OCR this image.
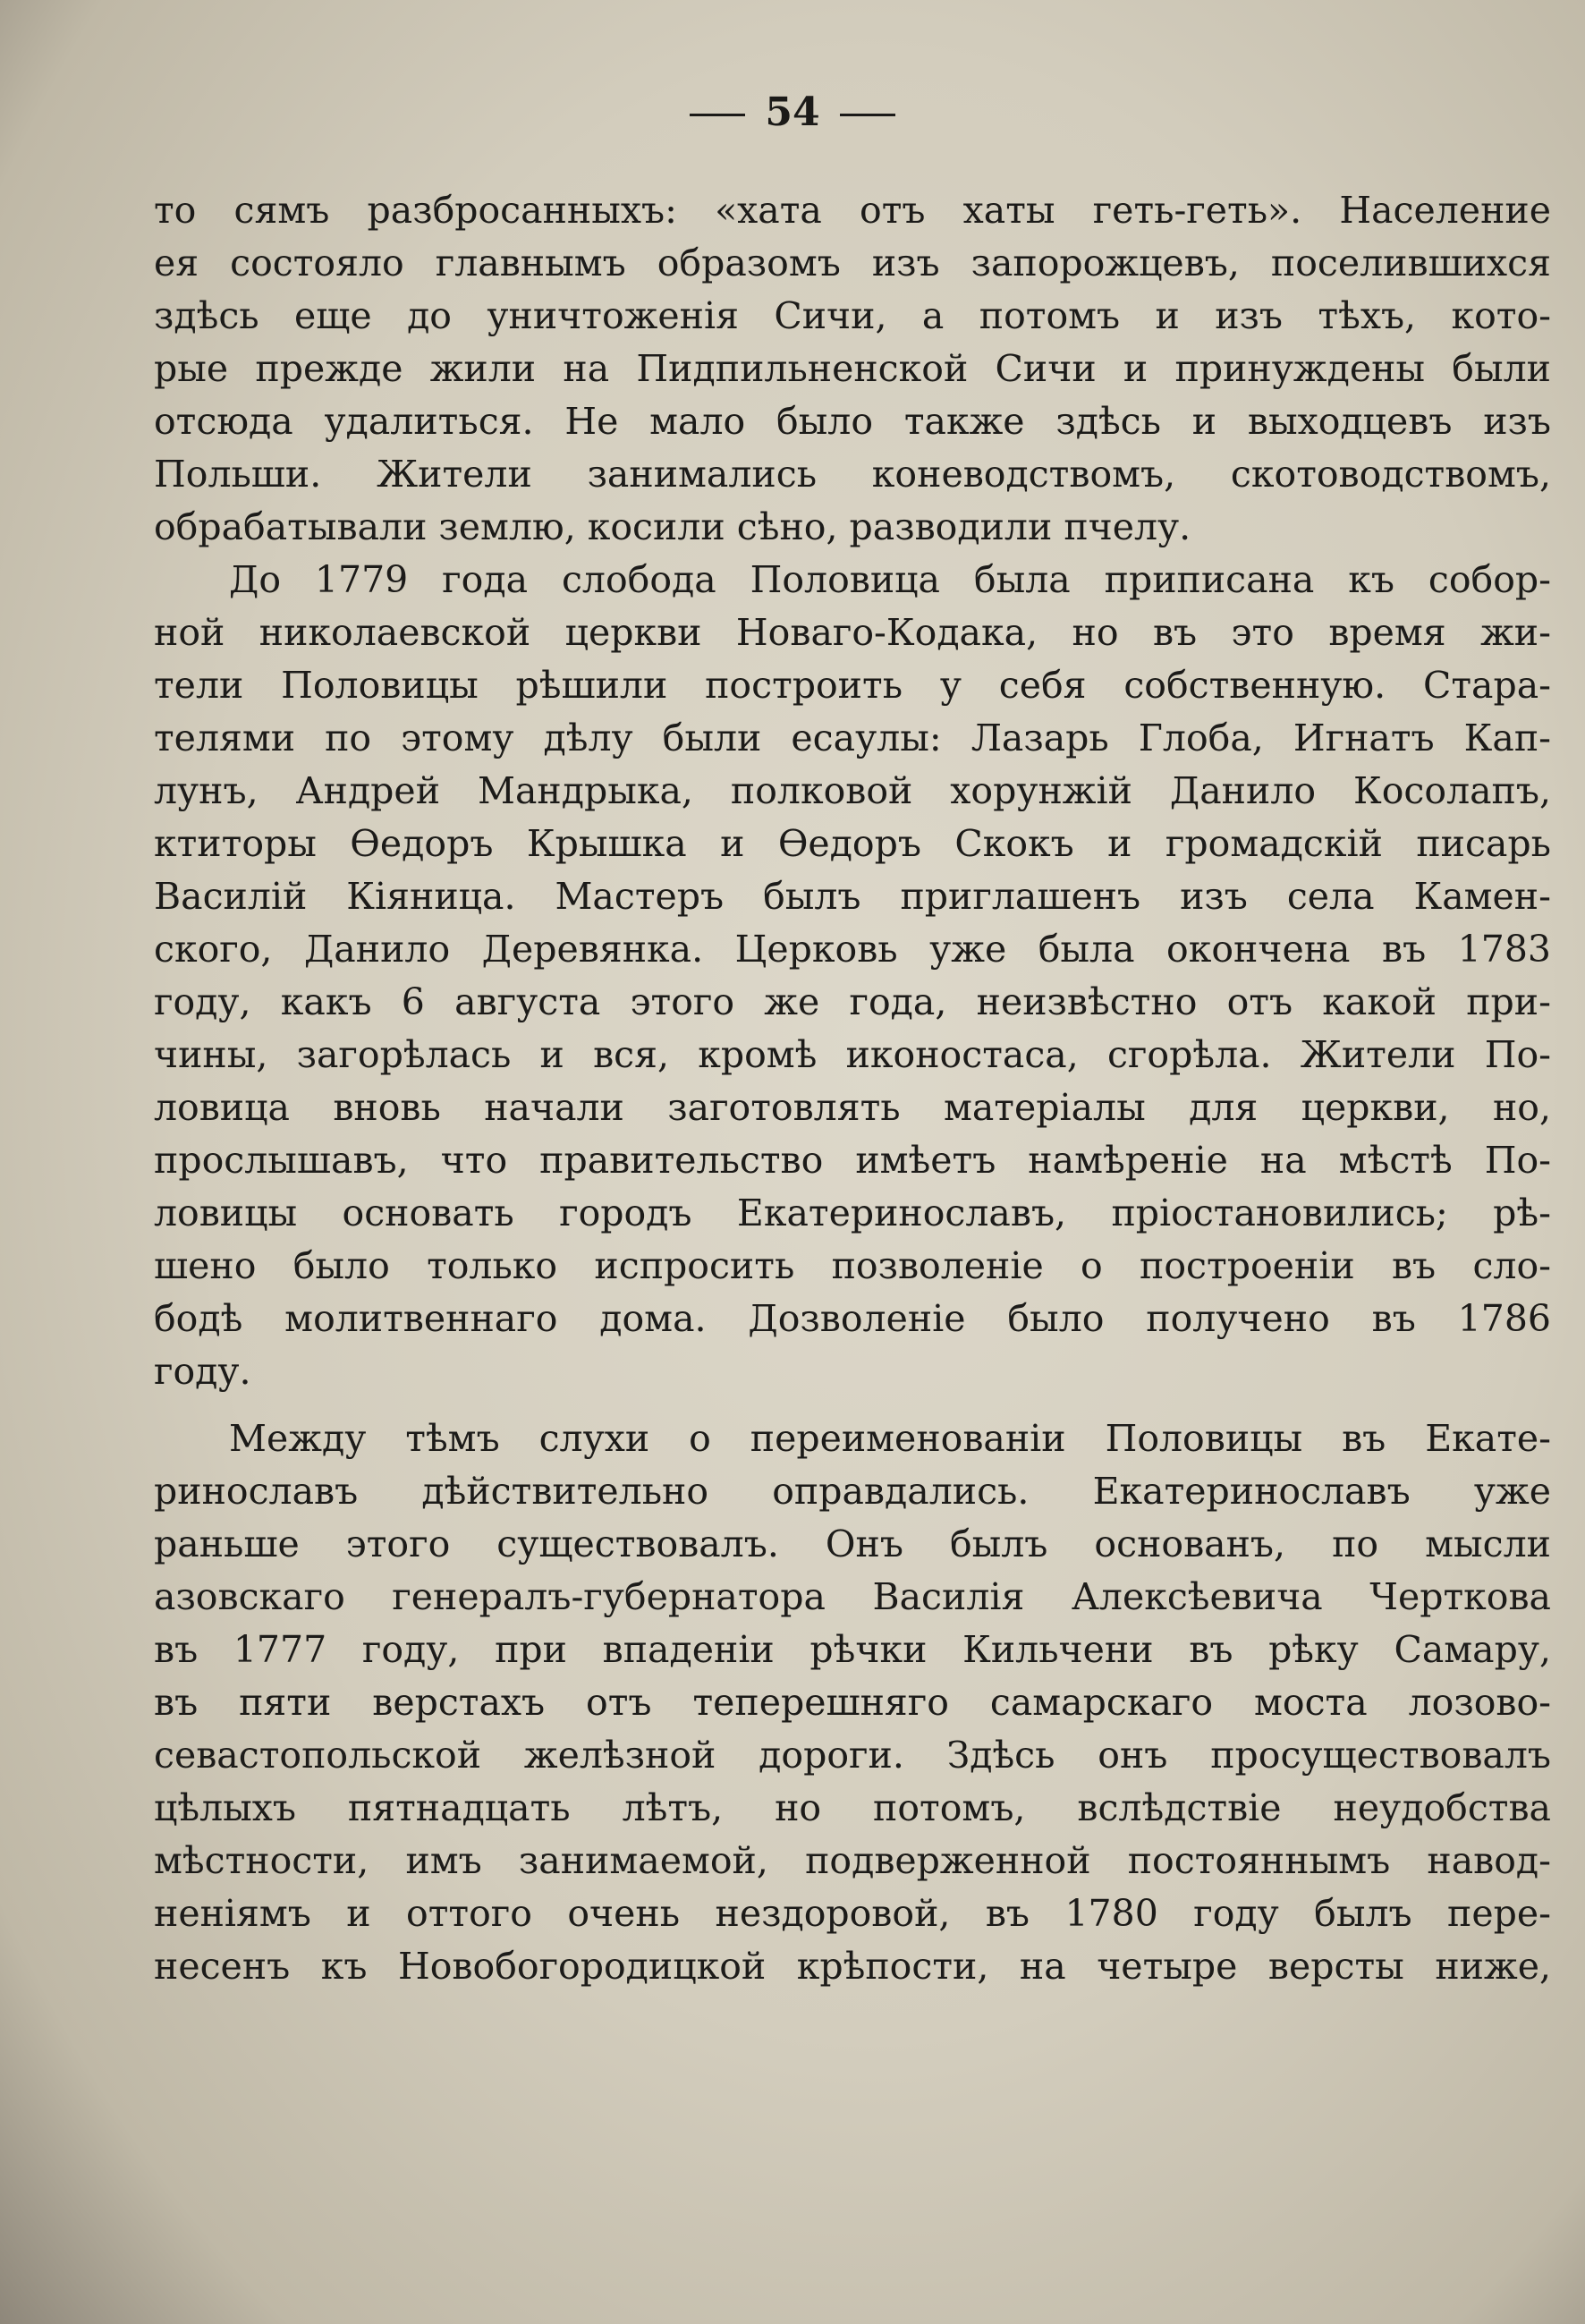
54
то сямъ разбросанныхъ: «хата отъ хаты геть-геть». Население
ея состояло главнымъ образомъ изъ запорожцевъ, поселившихся
здѣсь еще до уничтоженія Сичи, а потомъ и изъ тѣхъ, кото-
рые прежде жили на Пидпильненской Сичи и принуждены были
отсюда удалиться. Не мало было также здѣсь и выходцевъ изъ
Польши. Жители занимались коневодствомъ, скотоводствомъ,
обрабатывали землю, косили сѣно, разводили пчелу.
До 1779 года слобода Половица была приписана къ собор-
ной николаевской церкви Новаго-Кодака, но въ это время жи-
тели Половицы рѣшили построить у себя собственную. Стара-
телями по этому дѣлу были есаулы: Лазарь Глоба, Игнатъ Кап-
лунъ, Андрей Мандрыка, полковой хорунжій Данило Косолапъ,
ктиторы Ѳедоръ Крышка и Ѳедоръ Скокъ и громадскій писарь
Василій Кіяница. Мастеръ былъ приглашенъ изъ села Камен-
ского, Данило Деревянка. Церковь уже была окончена въ 1783
году, какъ 6 августа этого же года, неизвѣстно отъ какой при-
чины, загорѣлась и вся, кромѣ иконостаса, сгорѣла. Жители По-
ловица вновь начали заготовлять матеріалы для церкви, но,
прослышавъ, что правительство имѣетъ намѣреніе на мѣстѣ По-
ловицы основать городъ Екатеринославъ, пріостановились; рѣ-
шено было только испросить позволеніе о построеніи въ сло-
бодѣ молитвеннаго дома. Дозволеніе было получено въ 1786
году.
Между тѣмъ слухи о переименованіи Половицы въ Екате-
ринославъ дѣйствительно оправдались. Екатеринославъ уже
раньше этого существовалъ. Онъ былъ основанъ, по мысли
азовскаго генералъ-губернатора Василія Алексѣевича Черткова
въ 1777 году, при впаденіи рѣчки Кильчени въ рѣку Самару,
въ пяти верстахъ отъ теперешняго самарскаго моста лозово-
севастопольской желѣзной дороги. Здѣсь онъ просуществовалъ
цѣлыхъ пятнадцать лѣтъ, но потомъ, вслѣдствіе неудобства
мѣстности, имъ занимаемой, подверженной постояннымъ навод-
неніямъ и оттого очень нездоровой, въ 1780 году былъ пере-
несенъ къ Новобогородицкой крѣпости, на четыре версты ниже,
